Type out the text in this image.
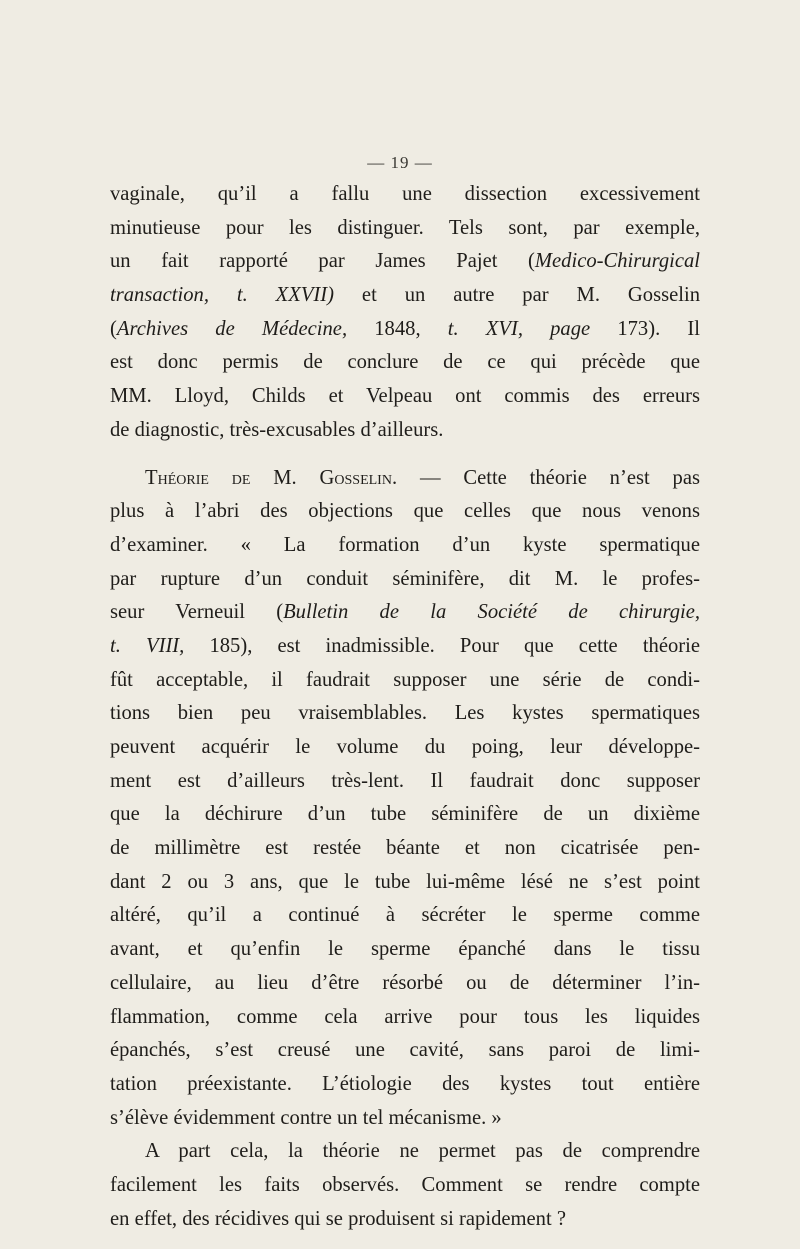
— 19 —
vaginale, qu’il a fallu une dissection excessivement
minutieuse pour les distinguer. Tels sont, par exemple,
un fait rapporté par James Pajet (Medico-Chirurgical
transaction, t. XXVII) et un autre par M. Gosselin
(Archives de Médecine, 1848, t. XVI, page 173). Il
est donc permis de conclure de ce qui précède que
MM. Lloyd, Childs et Velpeau ont commis des erreurs
de diagnostic, très-excusables d’ailleurs.
Théorie de M. Gosselin. — Cette théorie n’est pas
plus à l’abri des objections que celles que nous venons
d’examiner. « La formation d’un kyste spermatique
par rupture d’un conduit séminifère, dit M. le profes-
seur Verneuil (Bulletin de la Société de chirurgie,
t. VIII, 185), est inadmissible. Pour que cette théorie
fût acceptable, il faudrait supposer une série de condi-
tions bien peu vraisemblables. Les kystes spermatiques
peuvent acquérir le volume du poing, leur développe-
ment est d’ailleurs très-lent. Il faudrait donc supposer
que la déchirure d’un tube séminifère de un dixième
de millimètre est restée béante et non cicatrisée pen-
dant 2 ou 3 ans, que le tube lui-même lésé ne s’est point
altéré, qu’il a continué à sécréter le sperme comme
avant, et qu’enfin le sperme épanché dans le tissu
cellulaire, au lieu d’être résorbé ou de déterminer l’in-
flammation, comme cela arrive pour tous les liquides
épanchés, s’est creusé une cavité, sans paroi de limi-
tation préexistante. L’étiologie des kystes tout entière
s’élève évidemment contre un tel mécanisme. »
A part cela, la théorie ne permet pas de comprendre
facilement les faits observés. Comment se rendre compte
en effet, des récidives qui se produisent si rapidement ?
